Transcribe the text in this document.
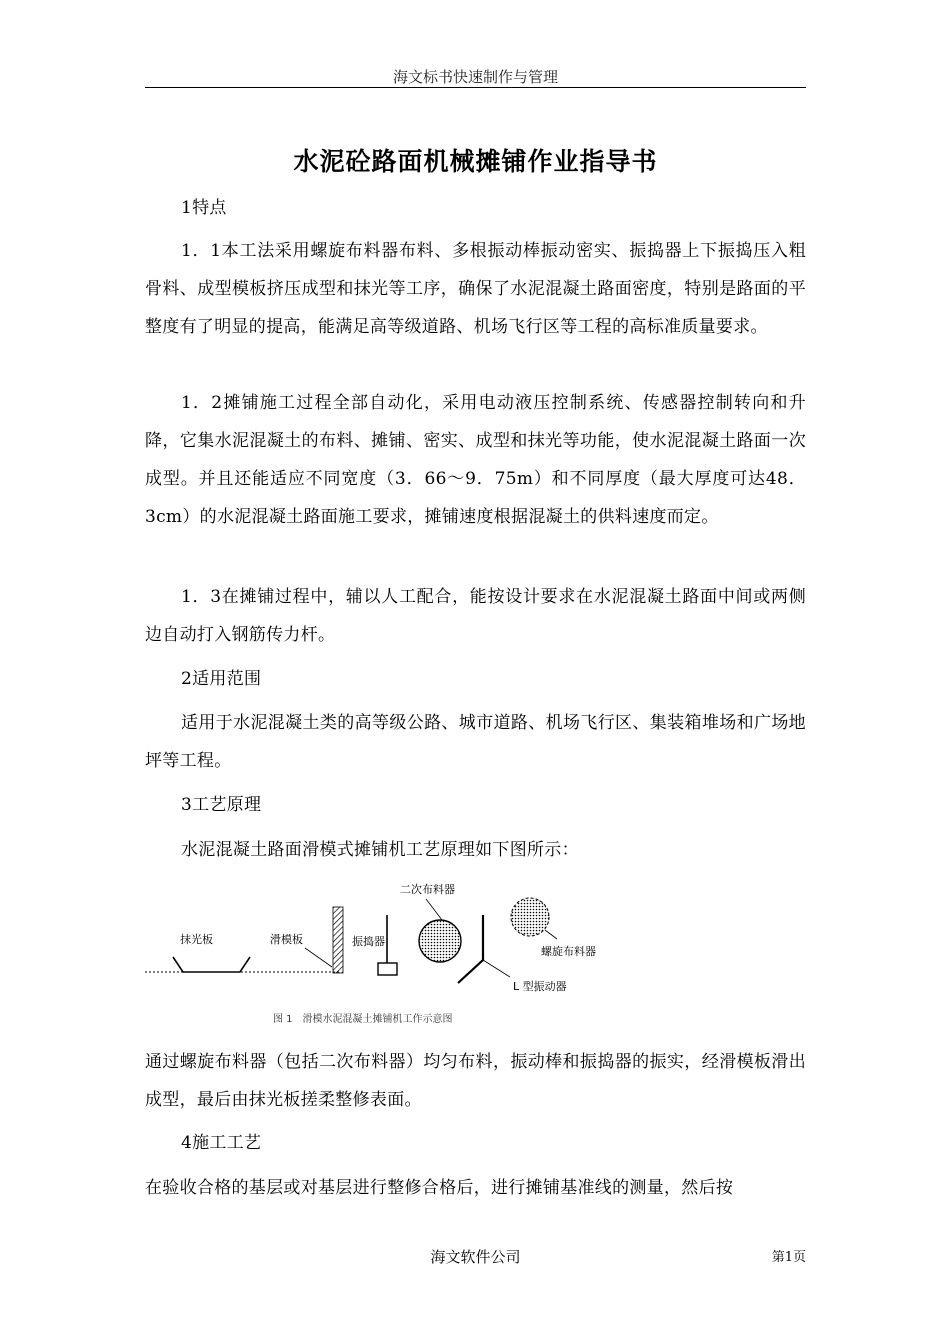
海文标书快速制作与管理
水泥砼路面机械摊铺作业指导书

1特点

1．1本工法采用螺旋布料器布料、多根振动棒振动密实、振捣器上下振捣压入粗骨料、成型模板挤压成型和抹光等工序，确保了水泥混凝土路面密度，特别是路面的平整度有了明显的提高，能满足高等级道路、机场飞行区等工程的高标准质量要求。

1．2摊铺施工过程全部自动化，采用电动液压控制系统、传感器控制转向和升降，它集水泥混凝土的布料、摊铺、密实、成型和抹光等功能，使水泥混凝土路面一次成型。并且还能适应不同宽度（3．66～9．75m）和不同厚度（最大厚度可达48．3cm）的水泥混凝土路面施工要求，摊铺速度根据混凝土的供料速度而定。

1．3在摊铺过程中，辅以人工配合，能按设计要求在水泥混凝土路面中间或两侧边自动打入钢筋传力杆。

2适用范围

适用于水泥混凝土类的高等级公路、城市道路、机场飞行区、集装箱堆场和广场地坪等工程。

3工艺原理

水泥混凝土路面滑模式摊铺机工艺原理如下图所示：

抹光板	滑模板	振捣器
二次布料器
L 型振动器
螺旋布料器
图 1　滑模水泥混凝土摊铺机工作示意图

通过螺旋布料器（包括二次布料器）均匀布料，振动棒和振捣器的振实，经滑模板滑出成型，最后由抹光板搓柔整修表面。

4施工工艺

在验收合格的基层或对基层进行整修合格后，进行摊铺基准线的测量，然后按

海文软件公司	第1页
